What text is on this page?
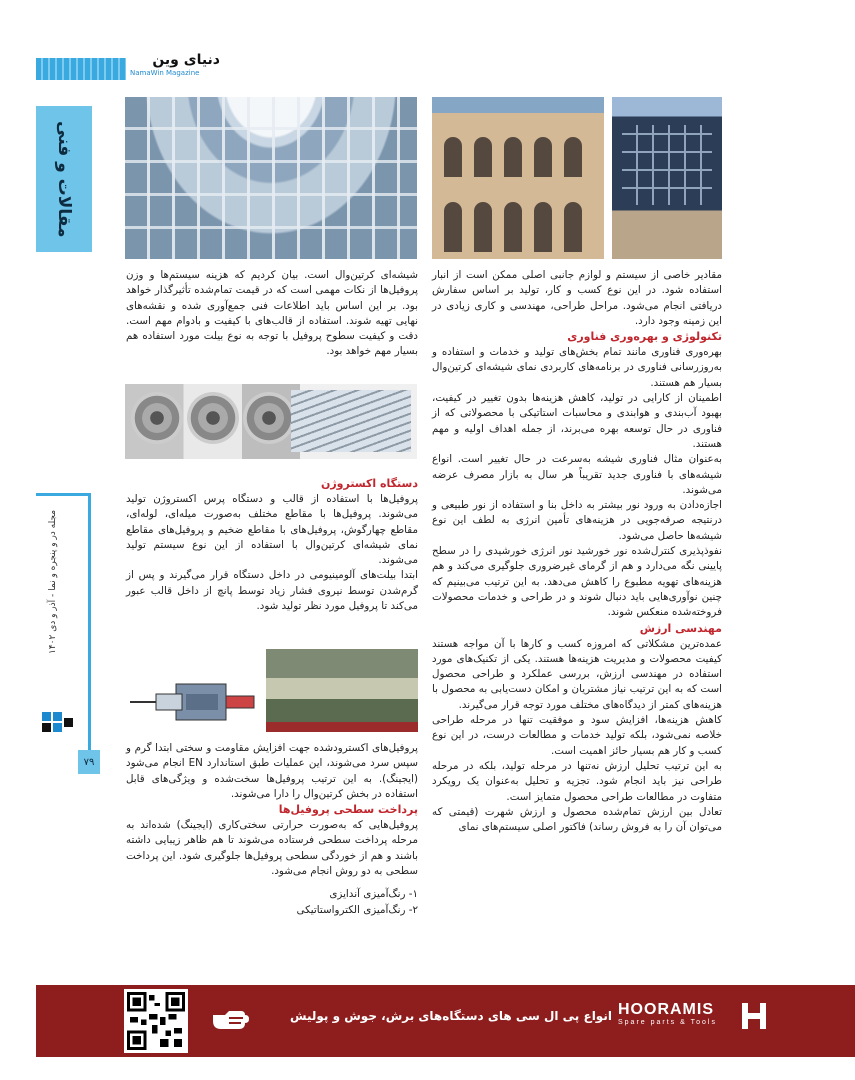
دنیای وین
NamaWin Magazine
مقالات و فنی
مجله در و پنجره و نما - آذر و دی ۱۴۰۲
۷۹

مقادیر خاصی از سیستم و لوازم جانبی اصلی ممکن است از انبار استفاده شود. در این نوع کسب و کار، تولید بر اساس سفارش دریافتی انجام می‌شود. مراحل طراحی، مهندسی و کاری زیادی در این زمینه وجود دارد.

تکنولوژی و بهره‌وری فناوری

بهره‌وری فناوری مانند تمام بخش‌های تولید و خدمات و استفاده و به‌روزرسانی فناوری در برنامه‌های کاربردی نمای شیشه‌ای کرتین‌وال بسیار هم هستند.

اطمینان از کارایی در تولید، کاهش هزینه‌ها بدون تغییر در کیفیت، بهبود آب‌بندی و هوابندی و محاسبات استاتیکی با محصولاتی که از فناوری در حال توسعه بهره می‌برند، از جمله اهداف اولیه و مهم هستند.

به‌عنوان مثال فناوری شیشه به‌سرعت در حال تغییر است. انواع شیشه‌های با فناوری جدید تقریباً هر سال به بازار مصرف عرضه می‌شوند.

اجازه‌دادن به ورود نور بیشتر به داخل بنا و استفاده از نور طبیعی و درنتیجه صرفه‌جویی در هزینه‌های تأمین انرژی به لطف این نوع شیشه‌ها حاصل می‌شود.

نفوذپذیری کنترل‌شده نور خورشید نور انرژی خورشیدی را در سطح پایینی نگه می‌دارد و هم از گرمای غیرضروری جلوگیری می‌کند و هم هزینه‌های تهویه مطبوع را کاهش می‌دهد. به این ترتیب می‌بینیم که چنین نوآوری‌هایی باید دنبال شوند و در طراحی و خدمات محصولات فروخته‌شده منعکس شوند.

مهندسی ارزش

عمده‌ترین مشکلاتی که امروزه کسب و کارها با آن مواجه هستند کیفیت محصولات و مدیریت هزینه‌ها هستند. یکی از تکنیک‌های مورد استفاده در مهندسی ارزش، بررسی عملکرد و طراحی محصول است که به این ترتیب نیاز مشتریان و امکان دست‌یابی به محصول با هزینه‌های کمتر از دیدگاه‌های مختلف مورد توجه قرار می‌گیرند.

کاهش هزینه‌ها، افزایش سود و موفقیت تنها در مرحله طراحی خلاصه نمی‌شود، بلکه تولید خدمات و مطالعات درست، در این نوع کسب و کار هم بسیار حائز اهمیت است.

به این ترتیب تحلیل ارزش نه‌تنها در مرحله تولید، بلکه در مرحله طراحی نیز باید انجام شود. تجزیه و تحلیل به‌عنوان یک رویکرد متفاوت در مطالعات طراحی محصول متمایز است.

تعادل بین ارزش تمام‌شده محصول و ارزش شهرت (قیمتی که می‌توان آن را به فروش رساند) فاکتور اصلی سیستم‌های نمای

شیشه‌ای کرتین‌وال است. بیان کردیم که هزینه سیستم‌ها و وزن پروفیل‌ها از نکات مهمی است که در قیمت تمام‌شده تأثیرگذار خواهد بود. بر این اساس باید اطلاعات فنی جمع‌آوری شده و نقشه‌های نهایی تهیه شوند. استفاده از قالب‌های با کیفیت و بادوام مهم است. دقت و کیفیت سطوح پروفیل با توجه به نوع بیلت مورد استفاده هم بسیار مهم خواهد بود.

دستگاه اکستروژن

پروفیل‌ها با استفاده از قالب و دستگاه پرس اکستروژن تولید می‌شوند. پروفیل‌ها با مقاطع مختلف به‌صورت میله‌ای، لوله‌ای، مقاطع چهارگوش، پروفیل‌های با مقاطع ضخیم و پروفیل‌های مقاطع نمای شیشه‌ای کرتین‌وال با استفاده از این نوع سیستم تولید می‌شوند.

ابتدا بیلت‌های آلومینیومی در داخل دستگاه قرار می‌گیرند و پس از گرم‌شدن توسط نیروی فشار زیاد توسط پانچ از داخل قالب عبور می‌کند تا پروفیل مورد نظر تولید شود.

پروفیل‌های اکسترودشده جهت افزایش مقاومت و سختی ابتدا گرم و سپس سرد می‌شوند، این عملیات طبق استاندارد EN انجام می‌شود (ایجینگ). به این ترتیب پروفیل‌ها سخت‌شده و ویژگی‌های قابل استفاده در بخش کرتین‌وال را دارا می‌شوند.

پرداخت سطحی پروفیل‌ها

پروفیل‌هایی که به‌صورت حرارتی سختی‌کاری (ایجینگ) شده‌اند به مرحله پرداخت سطحی فرستاده می‌شوند تا هم ظاهر زیبایی داشته باشند و هم از خوردگی سطحی پروفیل‌ها جلوگیری شود. این پرداخت سطحی به دو روش انجام می‌شود.

۱- رنگ‌آمیزی آندایزی

۲- رنگ‌آمیزی الکترواستاتیکی

انواع پی ال سی های دستگاه‌های برش، جوش و پولیش HOORAMIS
Spare parts & Tools
